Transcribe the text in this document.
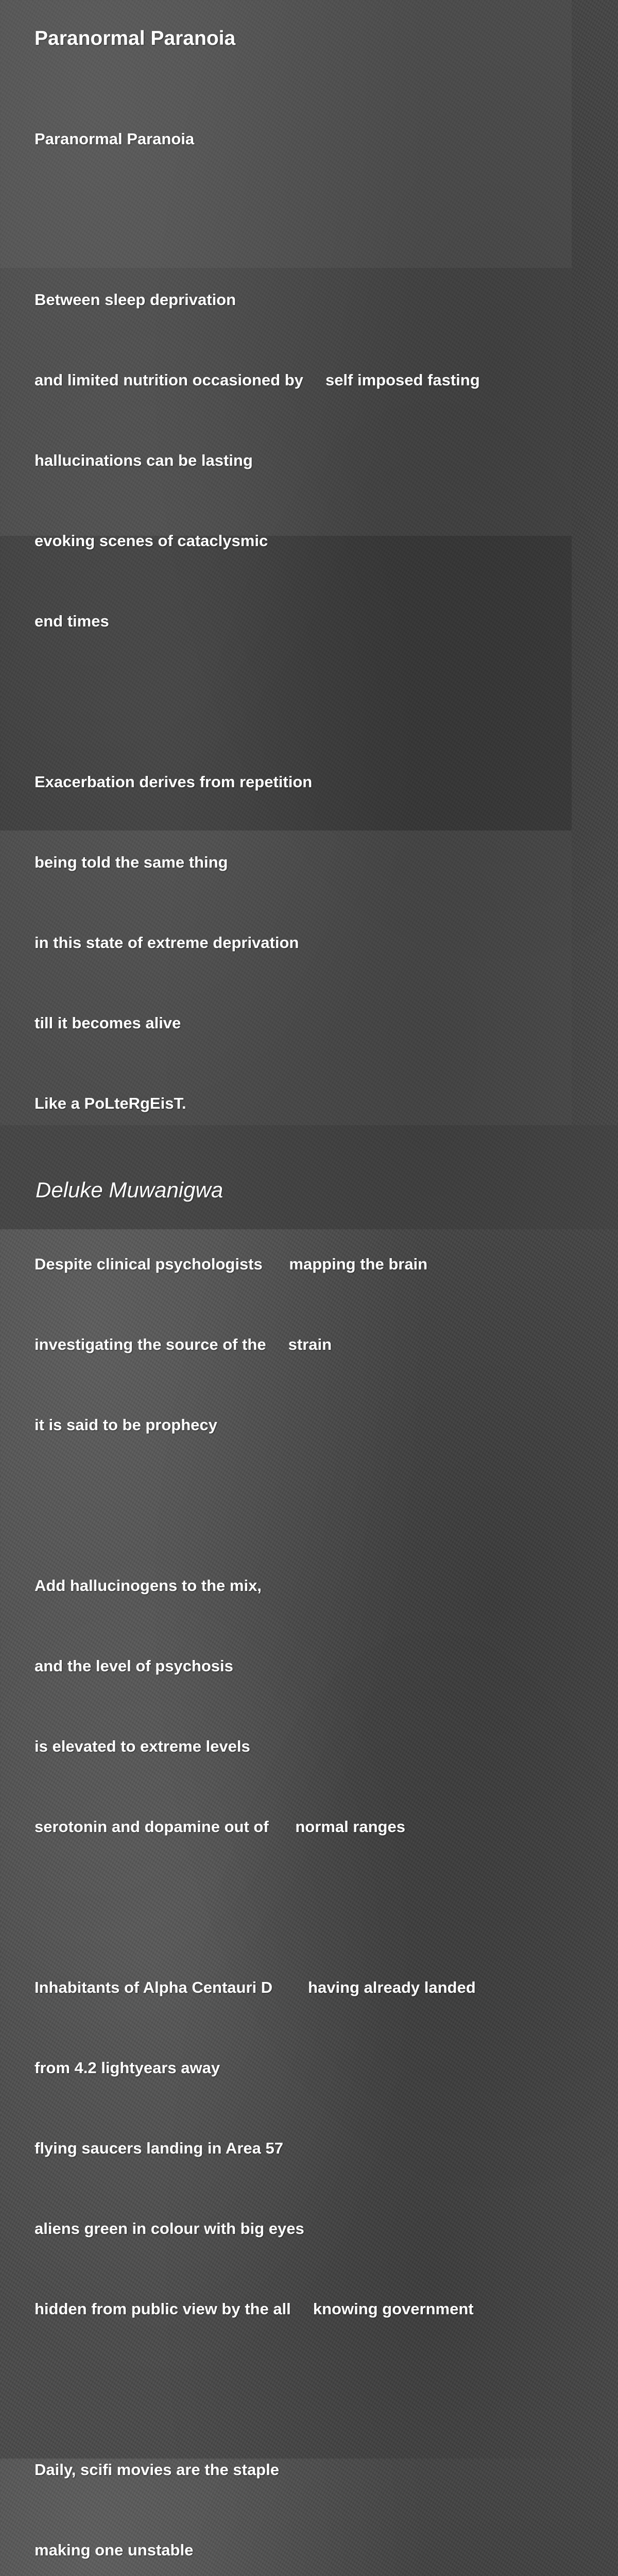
Paranormal Paranoia

Paranormal Paranoia

Between sleep deprivation

and limited nutrition occasioned by     self imposed fasting

hallucinations can be lasting

evoking scenes of cataclysmic

end times

Exacerbation derives from repetition

being told the same thing

in this state of extreme deprivation

till it becomes alive

Like a PoLteRgEisT.

Despite clinical psychologists      mapping the brain

investigating the source of the     strain

it is said to be prophecy

Add hallucinogens to the mix,

and the level of psychosis

is elevated to extreme levels

serotonin and dopamine out of      normal ranges

Inhabitants of Alpha Centauri D        having already landed

from 4.2 lightyears away

flying saucers landing in Area 57

aliens green in colour with big eyes

hidden from public view by the all     knowing government

Daily, scifi movies are the staple

making one unstable

Deluke Muwanigwa
